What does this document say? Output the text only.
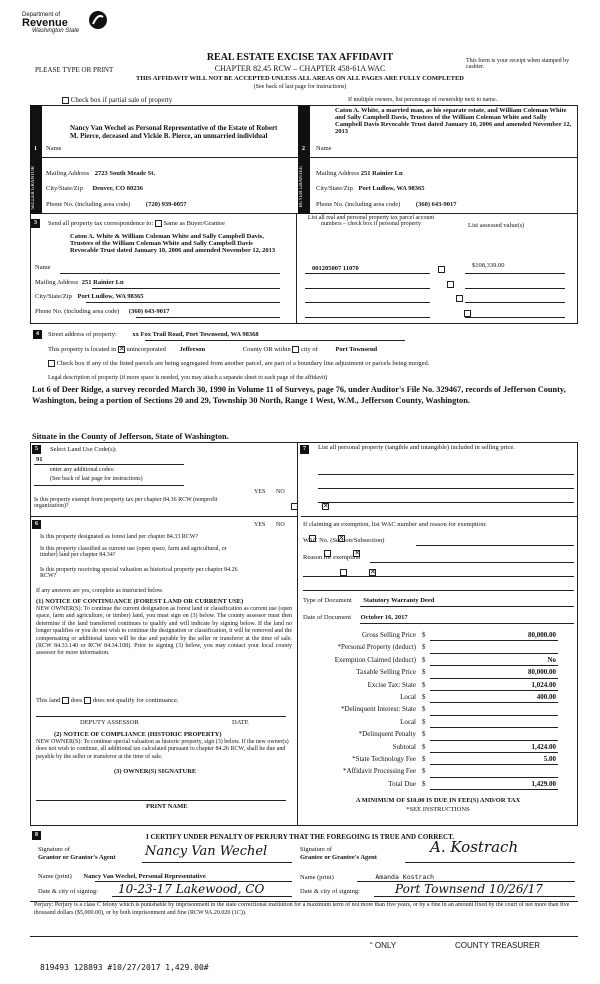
Department of
Revenue
Washington State
REAL ESTATE EXCISE TAX AFFIDAVIT
PLEASE TYPE OR PRINT	CHAPTER 82.45 RCW – CHAPTER 458-61A WAC
This form is your receipt when stamped by cashier.
THIS AFFIDAVIT WILL NOT BE ACCEPTED UNLESS ALL AREAS ON ALL PAGES ARE FULLY COMPLETED
(See back of last page for instructions)
Check box if partial sale of property	If multiple owners, list percentage of ownership next to name.
1	2
Nancy Van Wechel as Personal Representative of the Estate of Robert M. Pierce, deceased and Vickie B. Pierce, an unmarried individual
Name
Caton A. White, a married man, as his separate estate, and William Coleman White and Sally Campbell Davis, Trustees of the William Coleman White and Sally Campbell Davis Revocable Trust dated January 10, 2006 and amended November 12, 2013
Name
SELLER GRANTOR	BUYER GRANTEE
Mailing Address 2723 South Meade St.
City/State/Zip Denver, CO 80236
Phone No. (including area code) (720) 939-0057
Mailing Address 251 Rainier Ln
City/State/Zip Port Ludlow, WA 98365
Phone No. (including area code) (360) 643-9017
3	Send all property tax correspondence to: Same as Buyer/Grantee
Caton A. White & William Coleman White and Sally Campbell Davis, Trustees of the William Coleman White and Sally Campbell Davis Revocable Trust dated January 10, 2006 and amended November 12, 2013
Name
Mailing Address 251 Rainier Ln
City/State/Zip Port Ludlow, WA 98365
Phone No. (including area code) (360) 643-9017
List all real and personal property tax parcel account numbers – check box if personal property	List assessed value(s)
001205007 11070	$108,339.00

4	Street address of property: xx Fox Trail Road, Port Townsend, WA 98368
This property is located in ✕ unincorporated Jefferson	County OR within city of	Port Townsend
Check box if any of the listed parcels are being segregated from another parcel, are part of a boundary line adjustment or parcels being merged.
Legal description of property (if more space is needed, you may attach a separate sheet to each page of the affidavit)
Lot 6 of Deer Ridge, a survey recorded March 30, 1990 in Volume 11 of Surveys, page 76, under Auditor's File No. 329467, records of Jefferson County, Washington, being a portion of Sections 20 and 29, Township 30 North, Range 1 West, W.M., Jefferson County, Washington.
Situate in the County of Jefferson, State of Washington.
5	Select Land Use Code(s):
91
enter any additional codes:
(See back of last page for instructions)
YES NO
Is this property exempt from property tax per chapter 84.36 RCW (nonprofit organization)?
✕
6	YES NO
Is this property designated as forest land per chapter 84.33 RCW?
✕
Is this property classified as current use (open space, farm and agricultural, or timber) land per chapter 84.34?
✕
Is this property receiving special valuation as historical property per chapter 84.26 RCW?
✕
If any answers are yes, complete as instructed below.
(1) NOTICE OF CONTINUANCE (FOREST LAND OR CURRENT USE)
NEW OWNER(S): To continue the current designation as forest land or classification as current use (open space, farm and agriculture, or timber) land, you must sign on (3) below. The county assessor must then determine if the land transferred continues to qualify and will indicate by signing below. If the land no longer qualifies or you do not wish to continue the designation or classification, it will be removed and the compensating or additional taxes will be due and payable by the seller or transferor at the time of sale. (RCW 84.33.140 or RCW 84.34.108). Prior to signing (3) below, you may contact your local county assessor for more information.
This land does does not qualify for continuance.
DEPUTY ASSESSOR	DATE
(2) NOTICE OF COMPLIANCE (HISTORIC PROPERTY)
NEW OWNER(S): To continue special valuation as historic property, sign (3) below. If the new owner(s) does not wish to continue, all additional tax calculated pursuant to chapter 84.26 RCW, shall be due and payable by the seller or transferor at the time of sale.
(3) OWNER(S) SIGNATURE
PRINT NAME
7	List all personal property (tangible and intangible) included in selling price.
If claiming an exemption, list WAC number and reason for exemption:
WAC No. (Section/Subsection)
Reason for exemption
Type of Document Statutory Warranty Deed
Date of Document October 16, 2017
Gross Selling Price $	80,000.00
*Personal Property (deduct) $
Exemption Claimed (deduct) $	No
Taxable Selling Price $	80,000.00
Excise Tax: State $	1,024.00
Local $	400.00
*Delinquent Interest: State $
Local $
*Delinquent Penalty $
Subtotal $	1,424.00
*State Technology Fee $	5.00
*Affidavit Processing Fee $
Total Due $	1,429.00
A MINIMUM OF $10.00 IS DUE IN FEE(S) AND/OR TAX
*SEE INSTRUCTIONS
8	I CERTIFY UNDER PENALTY OF PERJURY THAT THE FOREGOING IS TRUE AND CORRECT.
Signature of
Grantor or Grantor's Agent Nancy Van Wechel
Name (print) Nancy Van Wechel, Personal Representative
Date & city of signing: 10-23-17 Lakewood, CO
Signature of
Grantee or Grantee's Agent
A. Kostrach
Name (print)	Amanda Kostrach
Date & city of signing:	Port Townsend 10/26/17
Perjury: Perjury is a class C felony which is punishable by imprisonment in the state correctional institution for a maximum term of not more than five years, or by a fine in an amount fixed by the court of not more than five thousand dollars ($5,000.00), or by both imprisonment and fine (RCW 9A.20.020 (1C)).
“ ONLY	COUNTY TREASURER
819493 128893 #10/27/2017 1,429.00#
